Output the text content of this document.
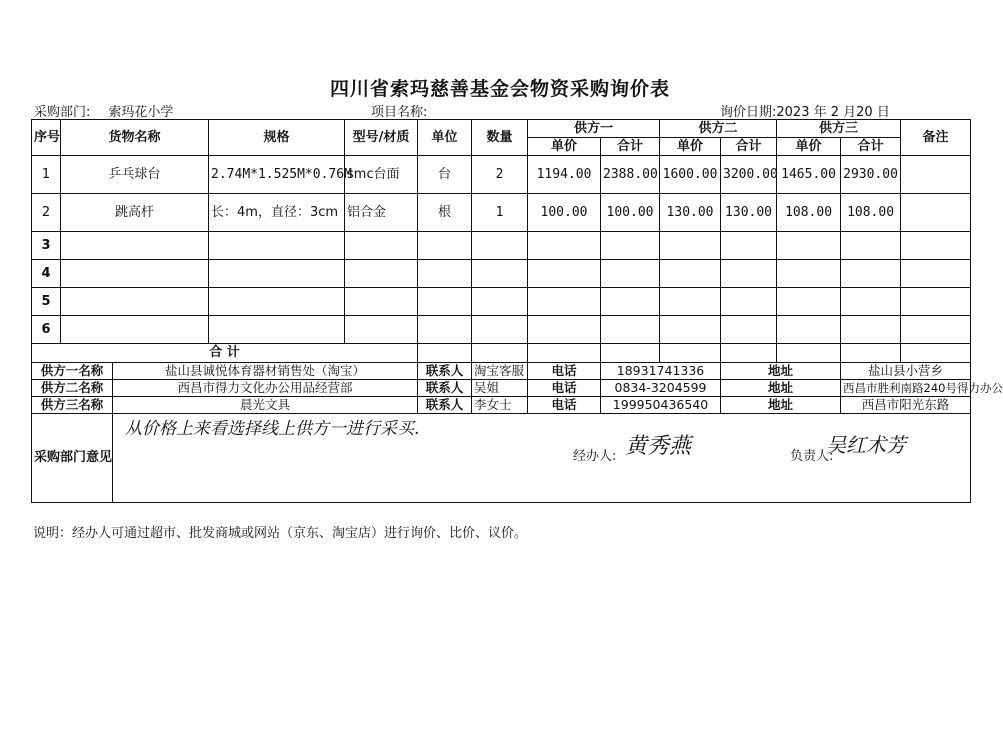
四川省索玛慈善基金会物资采购询价表
采购部门: 索玛花小学	项目名称:	询价日期:2023 年 2 月20 日
序号	货物名称		规格	型号/材质	单位	数量	供方一		供方二		供方三		备注
							单价	合计	单价	合计	单价	合计	
1	乒乓球台		2.74M*1.525M*0.76M	smc台面	台	2	1194.00	2388.00	1600.00	3200.00	1465.00	2930.00	
2	跳高杆		长：4m，直径：3cm	铝合金	根	1	100.00	100.00	130.00	130.00	108.00	108.00	
3													
4													
5													
6													
合 计													
供方一名称		盐山县诚悦体育器材销售处（淘宝）			联系人	淘宝客服	电话	18931741336		地址		盐山县小营乡	
供方二名称		西昌市得力文化办公用品经营部			联系人	吴姐	电话	0834-3204599		地址		西昌市胜利南路240号得力办公	
供方三名称		晨光文具			联系人	李女士	电话	199950436540		地址		西昌市阳光东路	
采购部门意见		从价格上来看选择线上供方一进行采买.
经办人: 黄秀燕 负责人:
吴红术芳											
说明：经办人可通过超市、批发商城或网站（京东、淘宝店）进行询价、比价、议价。
